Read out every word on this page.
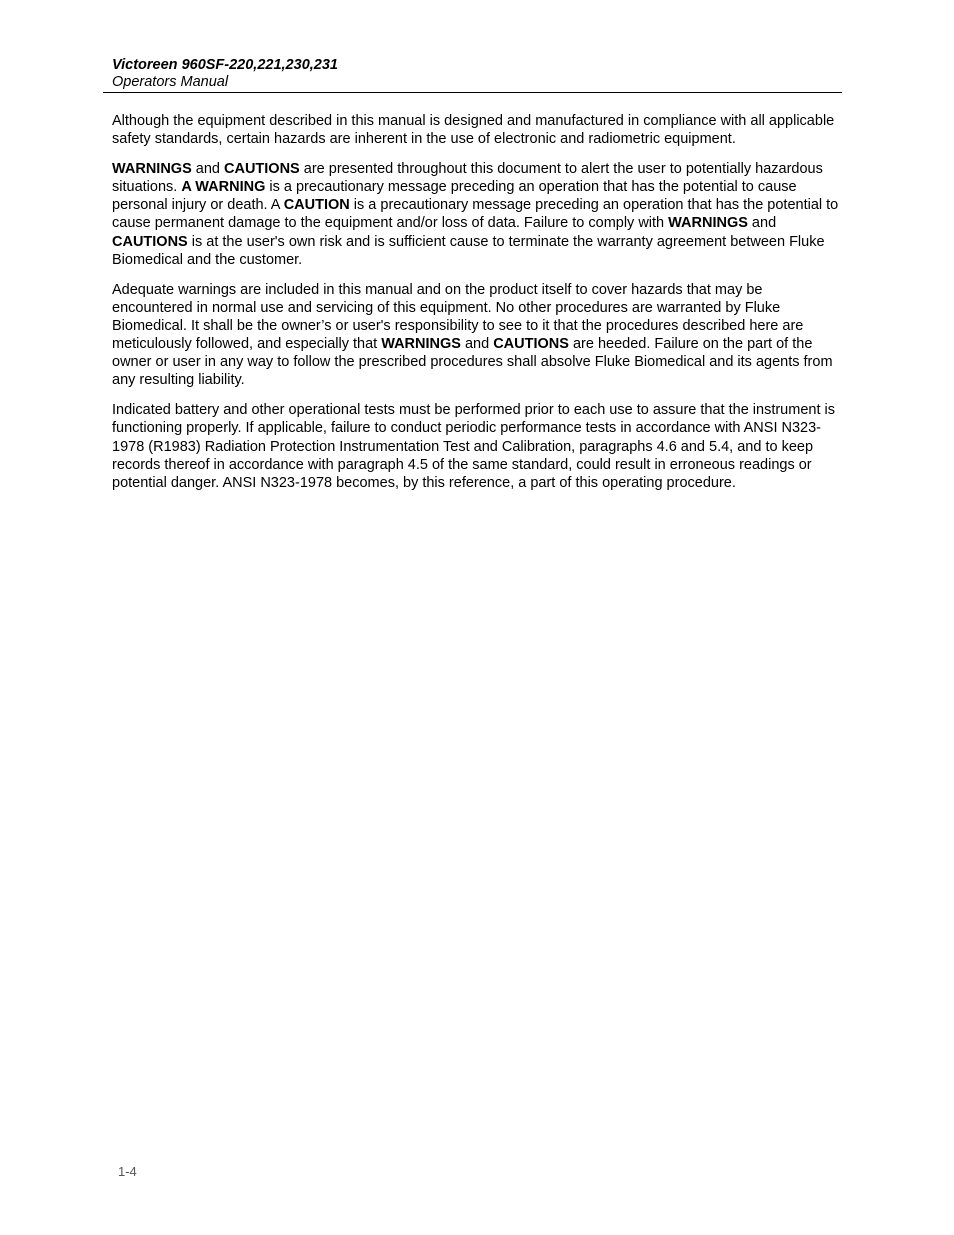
Victoreen 960SF-220,221,230,231
Operators Manual

Although the equipment described in this manual is designed and manufactured in compliance with all applicable safety standards, certain hazards are inherent in the use of electronic and radiometric equipment.

WARNINGS and CAUTIONS are presented throughout this document to alert the user to potentially hazardous situations. A WARNING is a precautionary message preceding an operation that has the potential to cause personal injury or death. A CAUTION is a precautionary message preceding an operation that has the potential to cause permanent damage to the equipment and/or loss of data. Failure to comply with WARNINGS and CAUTIONS is at the user's own risk and is sufficient cause to terminate the warranty agreement between Fluke Biomedical and the customer.

Adequate warnings are included in this manual and on the product itself to cover hazards that may be encountered in normal use and servicing of this equipment. No other procedures are warranted by Fluke Biomedical. It shall be the owner’s or user's responsibility to see to it that the procedures described here are meticulously followed, and especially that WARNINGS and CAUTIONS are heeded. Failure on the part of the owner or user in any way to follow the prescribed procedures shall absolve Fluke Biomedical and its agents from any resulting liability.

Indicated battery and other operational tests must be performed prior to each use to assure that the instrument is functioning properly. If applicable, failure to conduct periodic performance tests in accordance with ANSI N323-1978 (R1983) Radiation Protection Instrumentation Test and Calibration, paragraphs 4.6 and 5.4, and to keep records thereof in accordance with paragraph 4.5 of the same standard, could result in erroneous readings or potential danger. ANSI N323-1978 becomes, by this reference, a part of this operating procedure.

1-4
